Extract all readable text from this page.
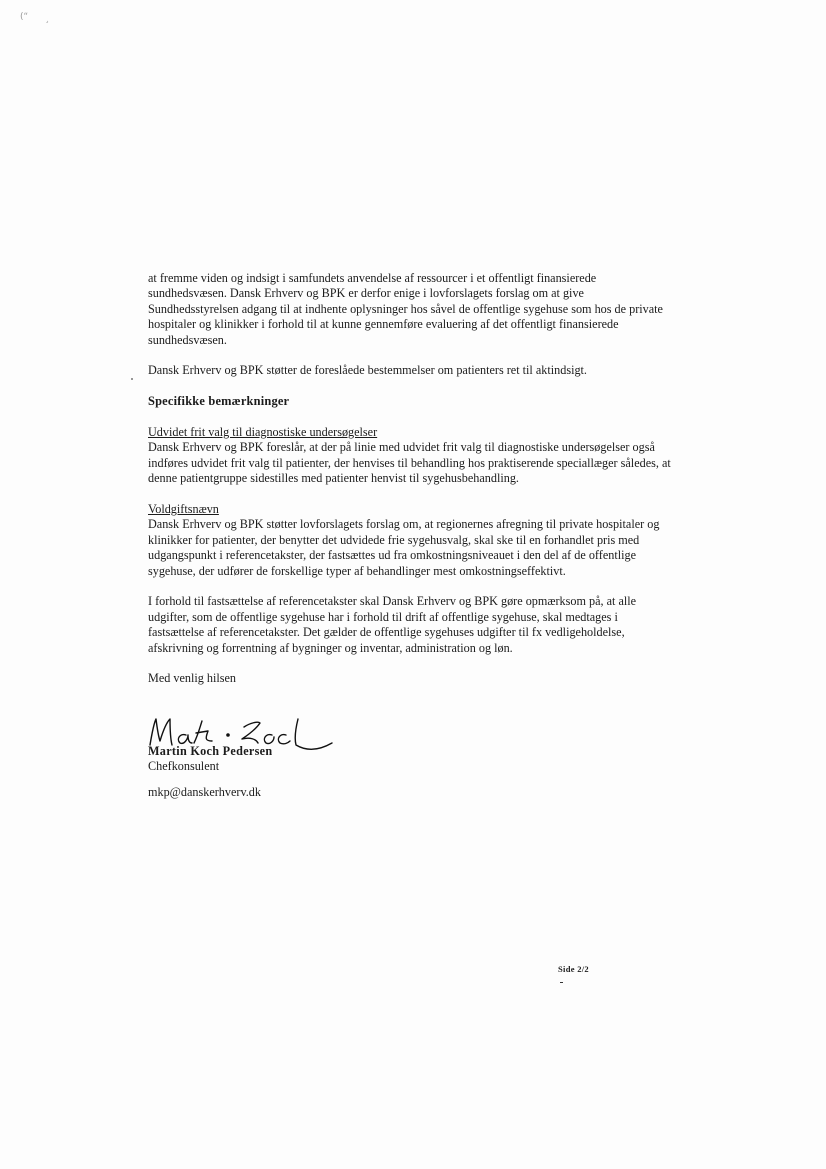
(“ ¸

at fremme viden og indsigt i samfundets anvendelse af ressourcer i et offentligt finansierede sundhedsvæsen. Dansk Erhverv og BPK er derfor enige i lovforslagets forslag om at give Sundhedsstyrelsen adgang til at indhente oplysninger hos såvel de offentlige sygehuse som hos de private hospitaler og klinikker i forhold til at kunne gennemføre evaluering af det offentligt finansierede sundhedsvæsen.

Dansk Erhverv og BPK støtter de foreslåede bestemmelser om patienters ret til aktindsigt.

Specifikke bemærkninger

Udvidet frit valg til diagnostiske undersøgelser
Dansk Erhverv og BPK foreslår, at der på linie med udvidet frit valg til diagnostiske undersøgelser også indføres udvidet frit valg til patienter, der henvises til behandling hos praktiserende speciallæger således, at denne patientgruppe sidestilles med patienter henvist til sygehusbehandling.

Voldgiftsnævn
Dansk Erhverv og BPK støtter lovforslagets forslag om, at regionernes afregning til private hospitaler og klinikker for patienter, der benytter det udvidede frie sygehusvalg, skal ske til en forhandlet pris med udgangspunkt i referencetakster, der fastsættes ud fra omkostningsniveauet i den del af de offentlige sygehuse, der udfører de forskellige typer af behandlinger mest omkostningseffektivt.

I forhold til fastsættelse af referencetakster skal Dansk Erhverv og BPK gøre opmærksom på, at alle udgifter, som de offentlige sygehuse har i forhold til drift af offentlige sygehuse, skal medtages i fastsættelse af referencetakster. Det gælder de offentlige sygehuses udgifter til fx vedligeholdelse, afskrivning og forrentning af bygninger og inventar, administration og løn.

Med venlig hilsen

Martin Koch Pedersen
Chefkonsulent
mkp@danskerhverv.dk
Side 2/2
